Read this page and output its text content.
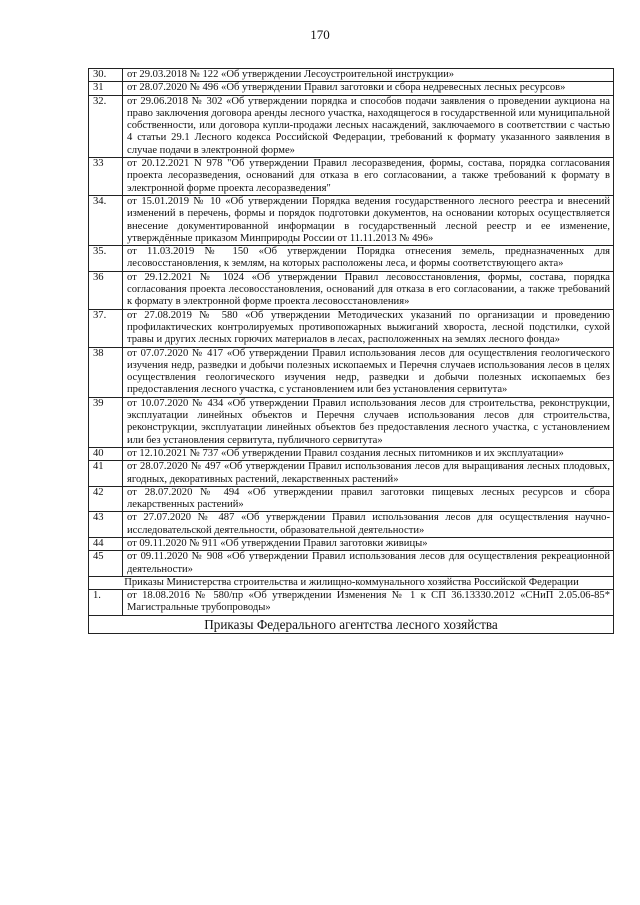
170
30.	от 29.03.2018 № 122 «Об утверждении Лесоустроительной инструкции»
31	от 28.07.2020 № 496 «Об утверждении Правил заготовки и сбора недревесных лесных ресурсов»
32.	от 29.06.2018 № 302 «Об утверждении порядка и способов подачи заявления о проведении аукциона на право заключения договора аренды лесного участка, находящегося в государственной или муниципальной собственности, или договора купли-продажи лесных насаждений, заключаемого в соответствии с частью 4 статьи 29.1 Лесного кодекса Российской Федерации, требований к формату указанного заявления в случае подачи в электронной форме»
33	от 20.12.2021 N 978 "Об утверждении Правил лесоразведения, формы, состава, порядка согласования проекта лесоразведения, оснований для отказа в его согласовании, а также требований к формату в электронной форме проекта лесоразведения"
34.	от 15.01.2019 № 10 «Об утверждении Порядка ведения государственного лесного реестра и внесений изменений в перечень, формы и порядок подготовки документов, на основании которых осуществляется внесение документированной информации в государственный лесной реестр и ее изменение, утверждённые приказом Минприроды России от 11.11.2013 № 496»
35.	от 11.03.2019 № 150 «Об утверждении Порядка отнесения земель, предназначенных для лесовосстановления, к землям, на которых расположены леса, и формы соответствующего акта»
36	от 29.12.2021 № 1024 «Об утверждении Правил лесовосстановления, формы, состава, порядка согласования проекта лесовосстановления, оснований для отказа в его согласовании, а также требований к формату в электронной форме проекта лесовосстановления»
37.	от 27.08.2019 № 580 «Об утверждении Методических указаний по организации и проведению профилактических контролируемых противопожарных выжиганий хвороста, лесной подстилки, сухой травы и других лесных горючих материалов в лесах, расположенных на землях лесного фонда»
38	от 07.07.2020 № 417 «Об утверждении Правил использования лесов для осуществления геологического изучения недр, разведки и добычи полезных ископаемых и Перечня случаев использования лесов в целях осуществления геологического изучения недр, разведки и добычи полезных ископаемых без предоставления лесного участка, с установлением или без установления сервитута»
39	от 10.07.2020 № 434 «Об утверждении Правил использования лесов для строительства, реконструкции, эксплуатации линейных объектов и Перечня случаев использования лесов для строительства, реконструкции, эксплуатации линейных объектов без предоставления лесного участка, с установлением или без установления сервитута, публичного сервитута»
40	от 12.10.2021 № 737 «Об утверждении Правил создания лесных питомников и их эксплуатации»
41	от 28.07.2020 № 497 «Об утверждении Правил использования лесов для выращивания лесных плодовых, ягодных, декоративных растений, лекарственных растений»
42	от 28.07.2020 № 494 «Об утверждении правил заготовки пищевых лесных ресурсов и сбора лекарственных растений»
43	от 27.07.2020 № 487 «Об утверждении Правил использования лесов для осуществления научно-исследовательской деятельности, образовательной деятельности»
44	от 09.11.2020 № 911 «Об утверждении Правил заготовки живицы»
45	от 09.11.2020 № 908 «Об утверждении Правил использования лесов для осуществления рекреационной деятельности»
Приказы Министерства строительства и жилищно-коммунального хозяйства Российской Федерации	
1.	от 18.08.2016 № 580/пр «Об утверждении Изменения № 1 к СП 36.13330.2012 «СНиП 2.05.06-85* Магистральные трубопроводы»
Приказы Федерального агентства лесного хозяйства	
